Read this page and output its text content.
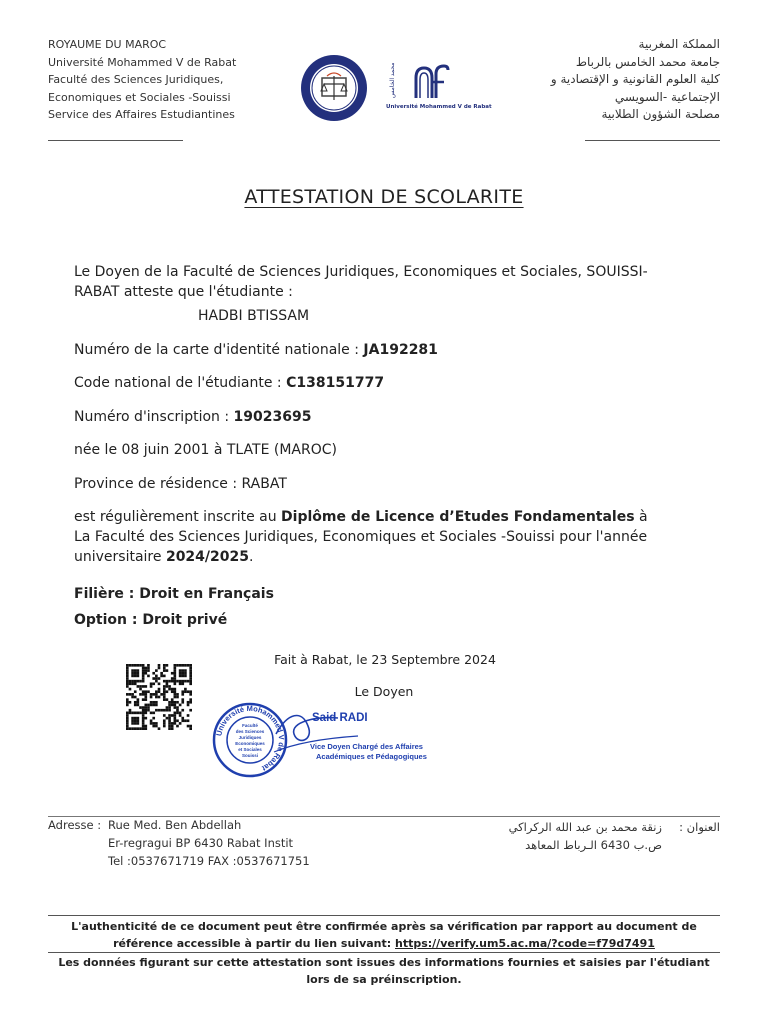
ROYAUME DU MAROC
Université Mohammed V de Rabat
Faculté des Sciences Juridiques,
Economiques et Sociales -Souissi
Service des Affaires Estudiantines
المملكة المغربية
جامعة محمد الخامس بالرباط
كلية العلوم القانونية و الإقتصادية و
الإجتماعية -السويسي
مصلحة الشؤون الطلابية
جامعة محمد الخامس
Université Mohammed V de Rabat
ATTESTATION DE SCOLARITE
Le Doyen de la Faculté de Sciences Juridiques, Economiques et Sociales, SOUISSI-RABAT atteste que l'étudiante :
HADBI BTISSAM
Numéro de la carte d'identité nationale : JA192281
Code national de l'étudiante : C138151777
Numéro d'inscription : 19023695
née le 08 juin 2001 à TLATE (MAROC)
Province de résidence : RABAT
est régulièrement inscrite au Diplôme de Licence d’Etudes Fondamentales à La Faculté des Sciences Juridiques, Economiques et Sociales -Souissi pour l'année universitaire 2024/2025.
Filière : Droit en Français
Option : Droit privé
Fait à Rabat, le 23 Septembre 2024
Le Doyen
Université Mohammed V de Rabat
Faculté
des Sciences
Juridiques
Economiques
et Sociales
Souissi
Said RADI
Vice Doyen Chargé des Affaires
Académiques et Pédagogiques
Adresse : Rue Med. Ben Abdellah
Er-regragui BP 6430 Rabat Instit
Tel :0537671719 FAX :0537671751
العنوان :
زنقة محمد بن عبد الله الركراكي
ص.ب 6430 الـرباط المعاهد
L'authenticité de ce document peut être confirmée après sa vérification par rapport au document de référence accessible à partir du lien suivant: https://verify.um5.ac.ma/?code=f79d7491
Les données figurant sur cette attestation sont issues des informations fournies et saisies par l'étudiant lors de sa préinscription.
